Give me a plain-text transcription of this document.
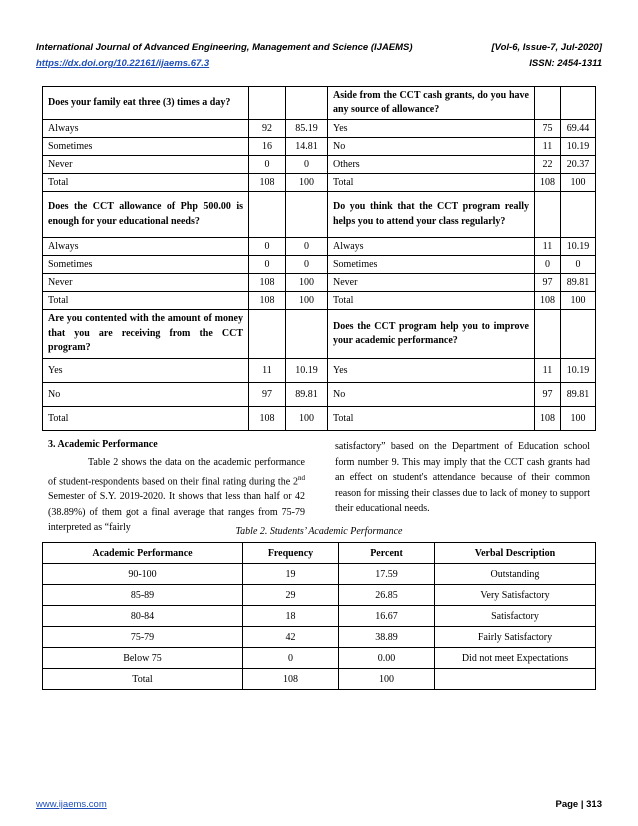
International Journal of Advanced Engineering, Management and Science (IJAEMS)	[Vol-6, Issue-7, Jul-2020]
https://dx.doi.org/10.22161/ijaems.67.3	ISSN: 2454-1311
Does your family eat three (3) times a day?			Aside from the CCT cash grants, do you have any source of allowance?		
Always	92	85.19	Yes	75	69.44
Sometimes	16	14.81	No	11	10.19
Never	0	0	Others	22	20.37
Total	108	100	Total	108	100
Does the CCT allowance of Php 500.00 is enough for your educational needs?			Do you think that the CCT program really helps you to attend your class regularly?		
Always	0	0	Always	11	10.19
Sometimes	0	0	Sometimes	0	0
Never	108	100	Never	97	89.81
Total	108	100	Total	108	100
Are you contented with the amount of money that you are receiving from the CCT program?			Does the CCT program help you to improve your academic performance?		
Yes	11	10.19	Yes	11	10.19
No	97	89.81	No	97	89.81
Total	108	100	Total	108	100
3. Academic Performance
Table 2 shows the data on the academic performance of student-respondents based on their final rating during the 2nd Semester of S.Y. 2019-2020. It shows that less than half or 42 (38.89%) of them got a final average that ranges from 75-79 interpreted as “fairly
satisfactory” based on the Department of Education school form number 9. This may imply that the CCT cash grants had an effect on student's attendance because of their common reason for missing their classes due to lack of money to support their educational needs.
Table 2. Students’ Academic Performance
Academic Performance	Frequency	Percent	Verbal Description
90-100	19	17.59	Outstanding
85-89	29	26.85	Very Satisfactory
80-84	18	16.67	Satisfactory
75-79	42	38.89	Fairly Satisfactory
Below 75	0	0.00	Did not meet Expectations
Total	108	100	
www.ijaems.com	Page | 313
